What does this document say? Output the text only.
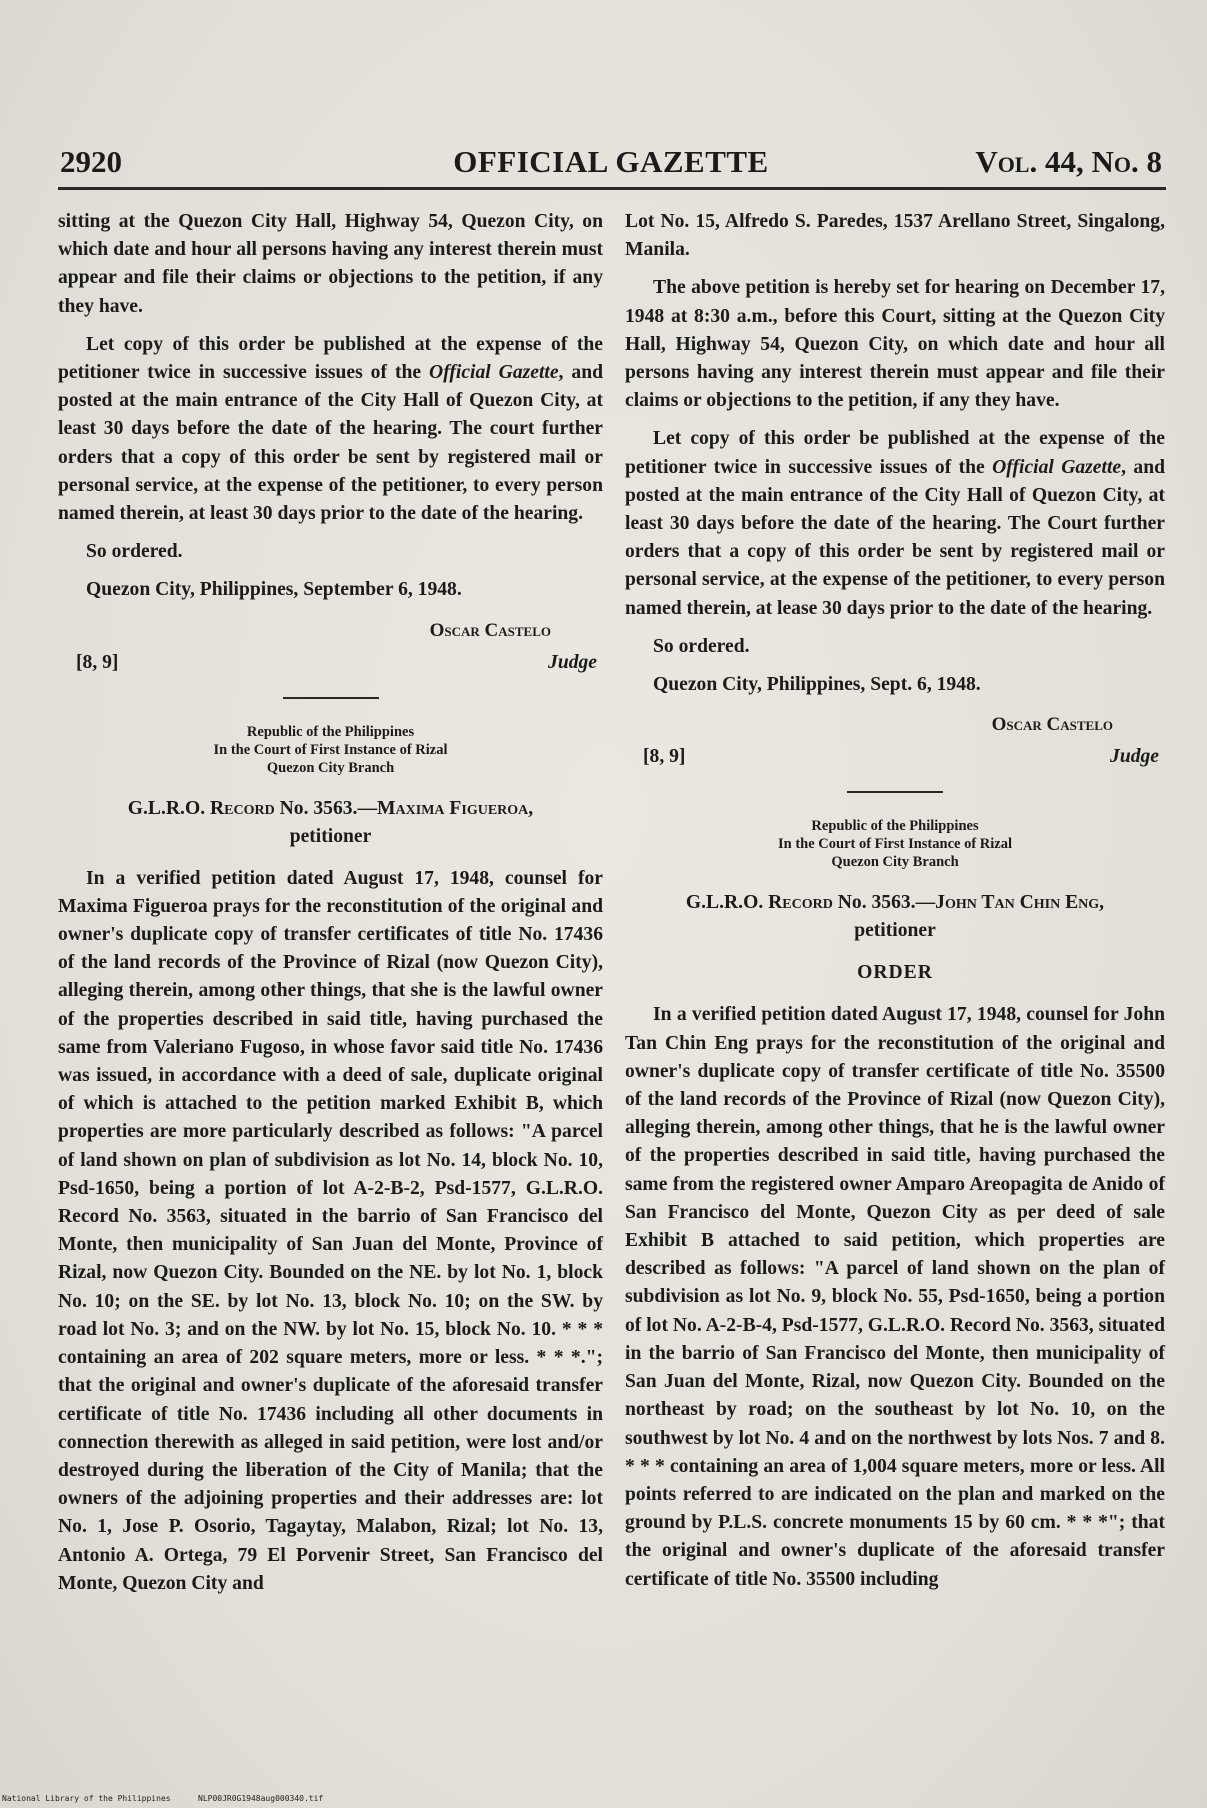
2920	OFFICIAL GAZETTE	Vol. 44, No. 8

sitting at the Quezon City Hall, Highway 54, Quezon City, on which date and hour all persons having any interest therein must appear and file their claims or objections to the petition, if any they have.

Let copy of this order be published at the expense of the petitioner twice in successive issues of the Official Gazette, and posted at the main entrance of the City Hall of Quezon City, at least 30 days before the date of the hearing. The court further orders that a copy of this order be sent by registered mail or personal service, at the expense of the petitioner, to every person named therein, at least 30 days prior to the date of the hearing.

So ordered.

Quezon City, Philippines, September 6, 1948.

Oscar Castelo
[8, 9]	Judge
Republic of the Philippines
In the Court of First Instance of Rizal
Quezon City Branch
G.L.R.O. Record No. 3563.—Maxima Figueroa,
petitioner

In a verified petition dated August 17, 1948, counsel for Maxima Figueroa prays for the reconstitution of the original and owner's duplicate copy of transfer certificates of title No. 17436 of the land records of the Province of Rizal (now Quezon City), alleging therein, among other things, that she is the lawful owner of the properties described in said title, having purchased the same from Valeriano Fugoso, in whose favor said title No. 17436 was issued, in accordance with a deed of sale, duplicate original of which is attached to the petition marked Exhibit B, which properties are more particularly described as follows: "A parcel of land shown on plan of subdivision as lot No. 14, block No. 10, Psd-1650, being a portion of lot A-2-B-2, Psd-1577, G.L.R.O. Record No. 3563, situated in the barrio of San Francisco del Monte, then municipality of San Juan del Monte, Province of Rizal, now Quezon City. Bounded on the NE. by lot No. 1, block No. 10; on the SE. by lot No. 13, block No. 10; on the SW. by road lot No. 3; and on the NW. by lot No. 15, block No. 10. * * * containing an area of 202 square meters, more or less. * * *."; that the original and owner's duplicate of the aforesaid transfer certificate of title No. 17436 including all other documents in connection therewith as alleged in said petition, were lost and/or destroyed during the liberation of the City of Manila; that the owners of the adjoining properties and their addresses are: lot No. 1, Jose P. Osorio, Tagaytay, Malabon, Rizal; lot No. 13, Antonio A. Ortega, 79 El Porvenir Street, San Francisco del Monte, Quezon City and

Lot No. 15, Alfredo S. Paredes, 1537 Arellano Street, Singalong, Manila.

The above petition is hereby set for hearing on December 17, 1948 at 8:30 a.m., before this Court, sitting at the Quezon City Hall, Highway 54, Quezon City, on which date and hour all persons having any interest therein must appear and file their claims or objections to the petition, if any they have.

Let copy of this order be published at the expense of the petitioner twice in successive issues of the Official Gazette, and posted at the main entrance of the City Hall of Quezon City, at least 30 days before the date of the hearing. The Court further orders that a copy of this order be sent by registered mail or personal service, at the expense of the petitioner, to every person named therein, at lease 30 days prior to the date of the hearing.

So ordered.

Quezon City, Philippines, Sept. 6, 1948.

Oscar Castelo
[8, 9]	Judge
Republic of the Philippines
In the Court of First Instance of Rizal
Quezon City Branch
G.L.R.O. Record No. 3563.—John Tan Chin Eng,
petitioner
ORDER

In a verified petition dated August 17, 1948, counsel for John Tan Chin Eng prays for the reconstitution of the original and owner's duplicate copy of transfer certificate of title No. 35500 of the land records of the Province of Rizal (now Quezon City), alleging therein, among other things, that he is the lawful owner of the properties described in said title, having purchased the same from the registered owner Amparo Areopagita de Anido of San Francisco del Monte, Quezon City as per deed of sale Exhibit B attached to said petition, which properties are described as follows: "A parcel of land shown on the plan of subdivision as lot No. 9, block No. 55, Psd-1650, being a portion of lot No. A-2-B-4, Psd-1577, G.L.R.O. Record No. 3563, situated in the barrio of San Francisco del Monte, then municipality of San Juan del Monte, Rizal, now Quezon City. Bounded on the northeast by road; on the southeast by lot No. 10, on the southwest by lot No. 4 and on the northwest by lots Nos. 7 and 8. * * * containing an area of 1,004 square meters, more or less. All points referred to are indicated on the plan and marked on the ground by P.L.S. concrete monuments 15 by 60 cm. * * *"; that the original and owner's duplicate of the aforesaid transfer certificate of title No. 35500 including

National Library of the Philippines	NLP00JR0G1948aug000340.tif
